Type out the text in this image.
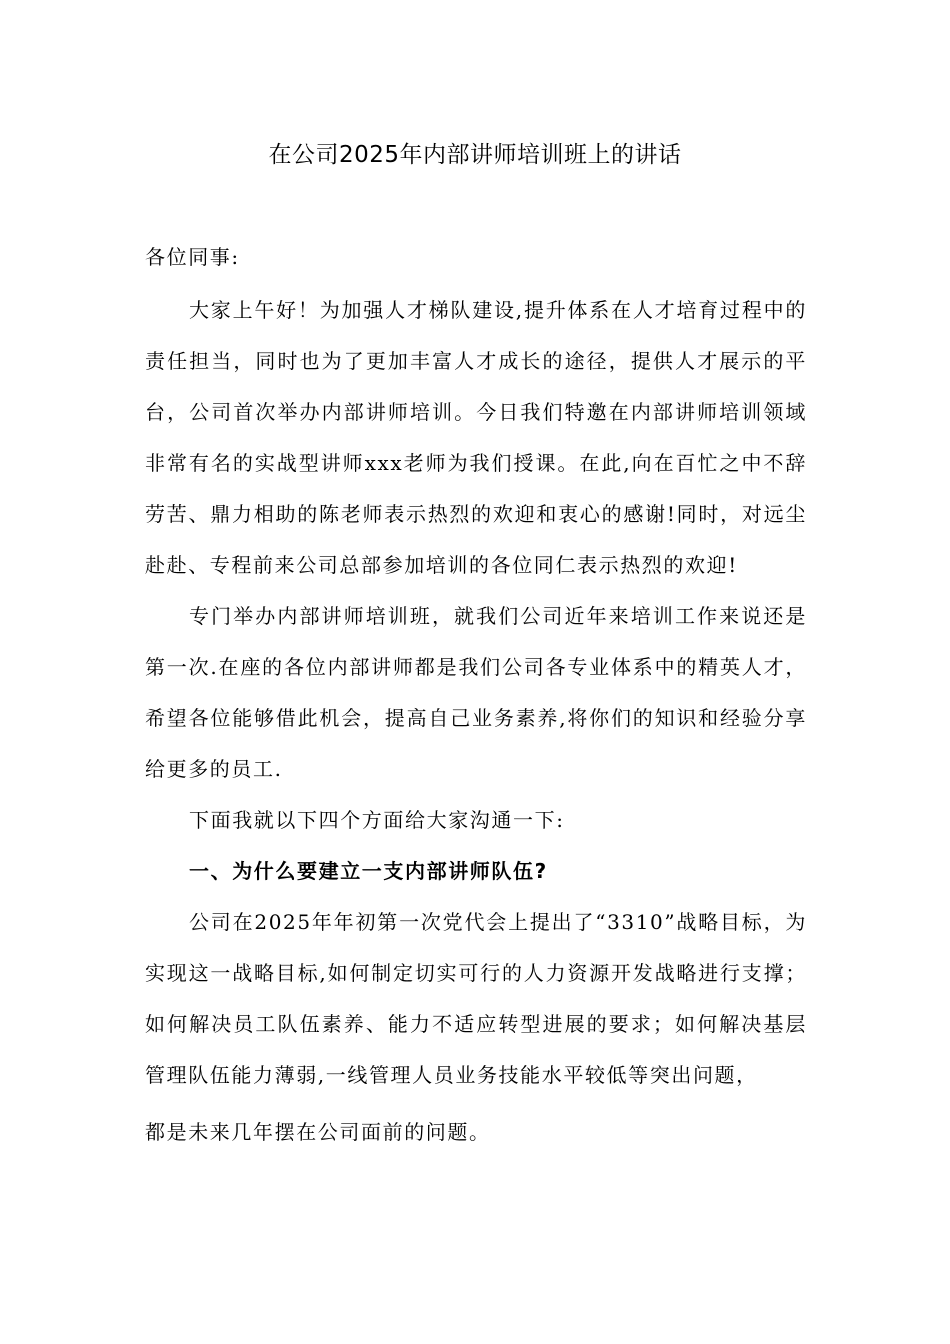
在公司2025年内部讲师培训班上的讲话

各位同事:

大家上午好！为加强人才梯队建设,提升体系在人才培育过程中的责任担当，同时也为了更加丰富人才成长的途径，提供人才展示的平台，公司首次举办内部讲师培训。今日我们特邀在内部讲师培训领域非常有名的实战型讲师xxx老师为我们授课。在此,向在百忙之中不辞劳苦、鼎力相助的陈老师表示热烈的欢迎和衷心的感谢!同时，对远尘赴赴、专程前来公司总部参加培训的各位同仁表示热烈的欢迎!

专门举办内部讲师培训班，就我们公司近年来培训工作来说还是第一次.在座的各位内部讲师都是我们公司各专业体系中的精英人才，希望各位能够借此机会，提高自己业务素养,将你们的知识和经验分享给更多的员工.

下面我就以下四个方面给大家沟通一下:

一、为什么要建立一支内部讲师队伍?

公司在2025年年初第一次党代会上提出了“3310”战略目标，为实现这一战略目标,如何制定切实可行的人力资源开发战略进行支撑；如何解决员工队伍素养、能力不适应转型进展的要求；如何解决基层管理队伍能力薄弱,一线管理人员业务技能水平较低等突出问题，

都是未来几年摆在公司面前的问题。
